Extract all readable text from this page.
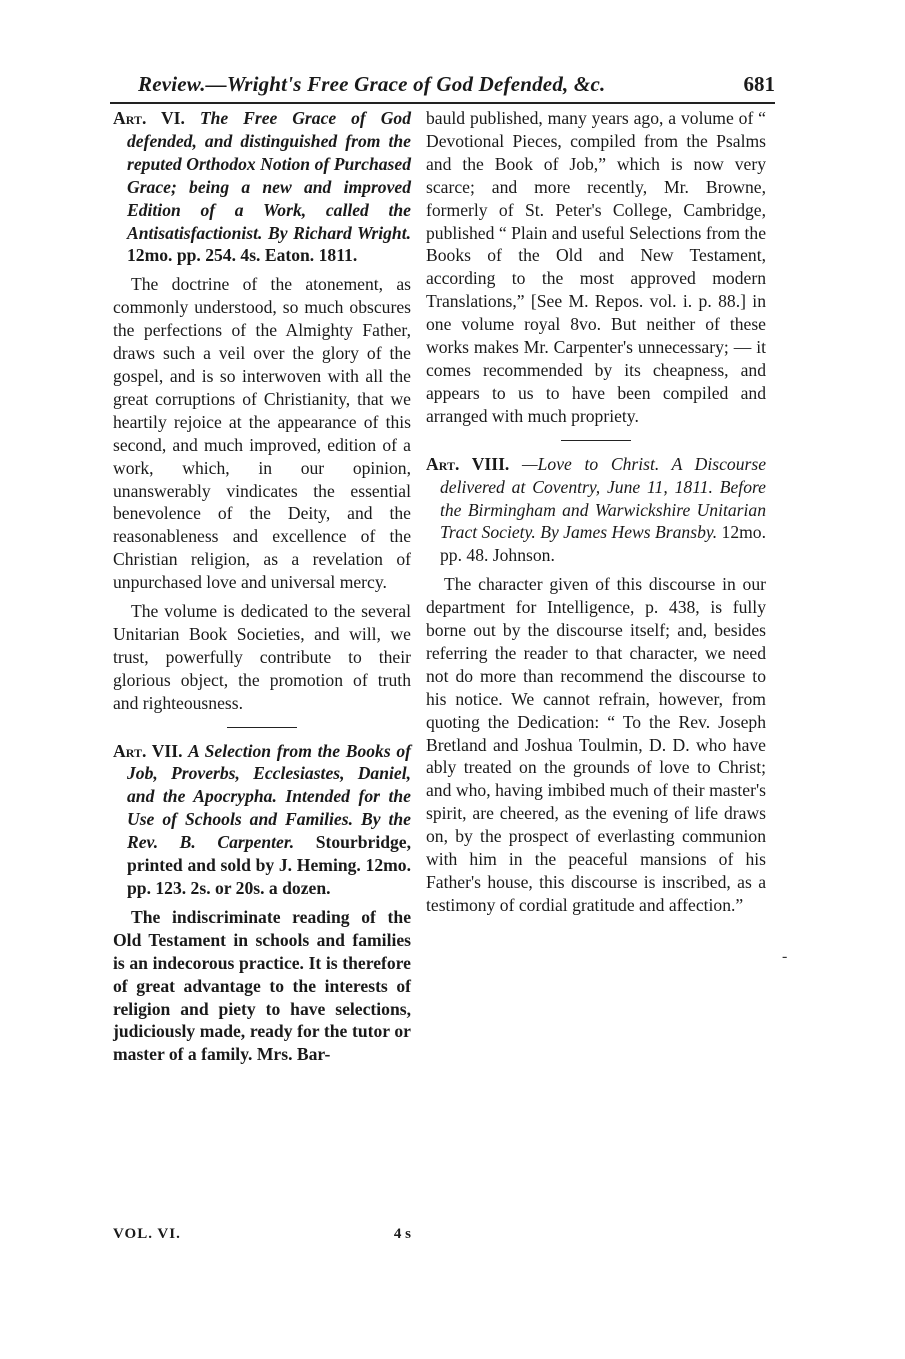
Review.—Wright's Free Grace of God Defended, &c.	681

Art. VI. The Free Grace of God defended, and distinguished from the reputed Orthodox Notion of Purchased Grace; being a new and improved Edition of a Work, called the Antisatisfactionist. By Richard Wright. 12mo. pp. 254. 4s. Eaton. 1811.

The doctrine of the atonement, as commonly understood, so much obscures the perfections of the Almighty Father, draws such a veil over the glory of the gospel, and is so interwoven with all the great corruptions of Christianity, that we heartily rejoice at the appearance of this second, and much improved, edition of a work, which, in our opinion, unanswerably vindicates the essential benevolence of the Deity, and the reasonableness and excellence of the Christian religion, as a revelation of unpurchased love and universal mercy.

The volume is dedicated to the several Unitarian Book Societies, and will, we trust, powerfully contribute to their glorious object, the promotion of truth and righteousness.

Art. VII. A Selection from the Books of Job, Proverbs, Ecclesiastes, Daniel, and the Apocrypha. Intended for the Use of Schools and Families. By the Rev. B. Carpenter. Stourbridge, printed and sold by J. Heming. 12mo. pp. 123. 2s. or 20s. a dozen.

The indiscriminate reading of the Old Testament in schools and families is an indecorous practice. It is therefore of great advantage to the interests of religion and piety to have selections, judiciously made, ready for the tutor or master of a family. Mrs. Bar-

bauld published, many years ago, a volume of “ Devotional Pieces, compiled from the Psalms and the Book of Job,” which is now very scarce; and more recently, Mr. Browne, formerly of St. Peter's College, Cambridge, published “ Plain and useful Selections from the Books of the Old and New Testament, according to the most approved modern Translations,” [See M. Repos. vol. i. p. 88.] in one volume royal 8vo. But neither of these works makes Mr. Carpenter's unnecessary; — it comes recommended by its cheapness, and appears to us to have been compiled and arranged with much propriety.

Art. VIII. —Love to Christ. A Discourse delivered at Coventry, June 11, 1811. Before the Birmingham and Warwickshire Unitarian Tract Society. By James Hews Bransby. 12mo. pp. 48. Johnson.

The character given of this discourse in our department for Intelligence, p. 438, is fully borne out by the discourse itself; and, besides referring the reader to that character, we need not do more than recommend the discourse to his notice. We cannot refrain, however, from quoting the Dedication: “ To the Rev. Joseph Bretland and Joshua Toulmin, D. D. who have ably treated on the grounds of love to Christ; and who, having imbibed much of their master's spirit, are cheered, as the evening of life draws on, by the prospect of everlasting communion with him in the peaceful mansions of his Father's house, this discourse is inscribed, as a testimony of cordial gratitude and affection.”

-
VOL. VI.	4 s
